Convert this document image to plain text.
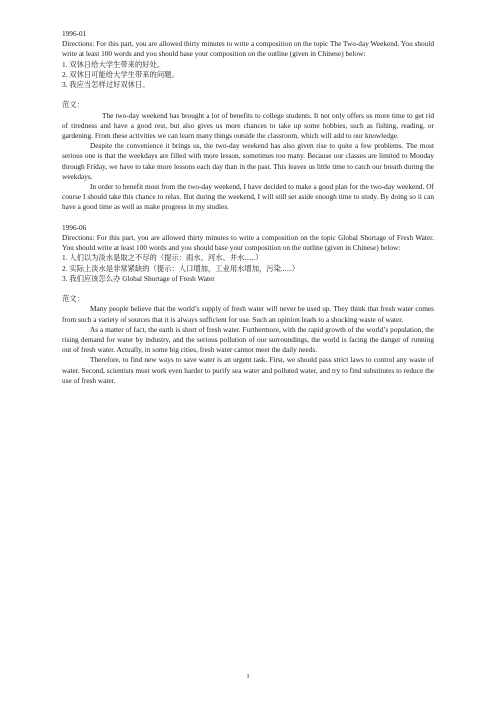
1996-01

Directions: For this part, you are allowed thirty minutes to write a composition on the topic The Two-day Weekend. You should write at least 100 words and you should base your composition on the outline (given in Chinese) below:

1. 双休日给大学生带来的好处。

2. 双休日可能给大学生带来的问题。

3. 我应当怎样过好双休日。

范文：

The two-day weekend has brought a lot of benefits to college students. It not only offers us more time to get rid of tiredness and have a good rest, but also gives us more chances to take up some hobbies, such as fishing, reading, or gardening. From these activities we can learn many things outside the classroom, which will add to our knowledge.

Despite the convenience it brings us, the two-day weekend has also given rise to quite a few problems. The most serious one is that the weekdays are filled with more lesson, sometimes too many. Because our classes are limited to Monday through Friday, we have to take more lessons each day than in the past. This leaves us little time to catch our breath during the weekdays.

In order to benefit most from the two-day weekend, I have decided to make a good plan for the two-day weekend. Of course I should take this chance to relax. But during the weekend, I will still set aside enough time to study. By doing so ii can have a good time as well as make progress in my studies.

1996-06

Directions: For this part, you are allowed thirty minutes to write a composition on the topic Global Shortage of Fresh Water. You should write at least 100 words and you should base your composition on the outline (given in Chinese) below:

1. 人们以为淡水是取之不尽的（提示：雨水、河水、井水......）

2. 实际上淡水是非常紧缺的（提示：人口增加，工业用水增加，污染......）

3. 我们应该怎么办 Global Shortage of Fresh Water

范文：

Many people believe that the world’s supply of fresh water will never be used up. They think that fresh water comes from such a variety of sources that it is always sufficient for use. Such an opinion leads to a shocking waste of water.

As a matter of fact, the earth is short of fresh water. Furthermore, with the rapid growth of the world’s population, the rising demand for water by industry, and the serious pollution of our surroundings, the world is facing the danger of running out of fresh water. Actually, in some big cities, fresh water cannot meet the daily needs.

Therefore, to find new ways to save water is an urgent task. First, we should pass strict laws to control any waste of water. Second, scientists must work even harder to purify sea water and polluted water, and try to find substitutes to reduce the use of fresh water.

1
